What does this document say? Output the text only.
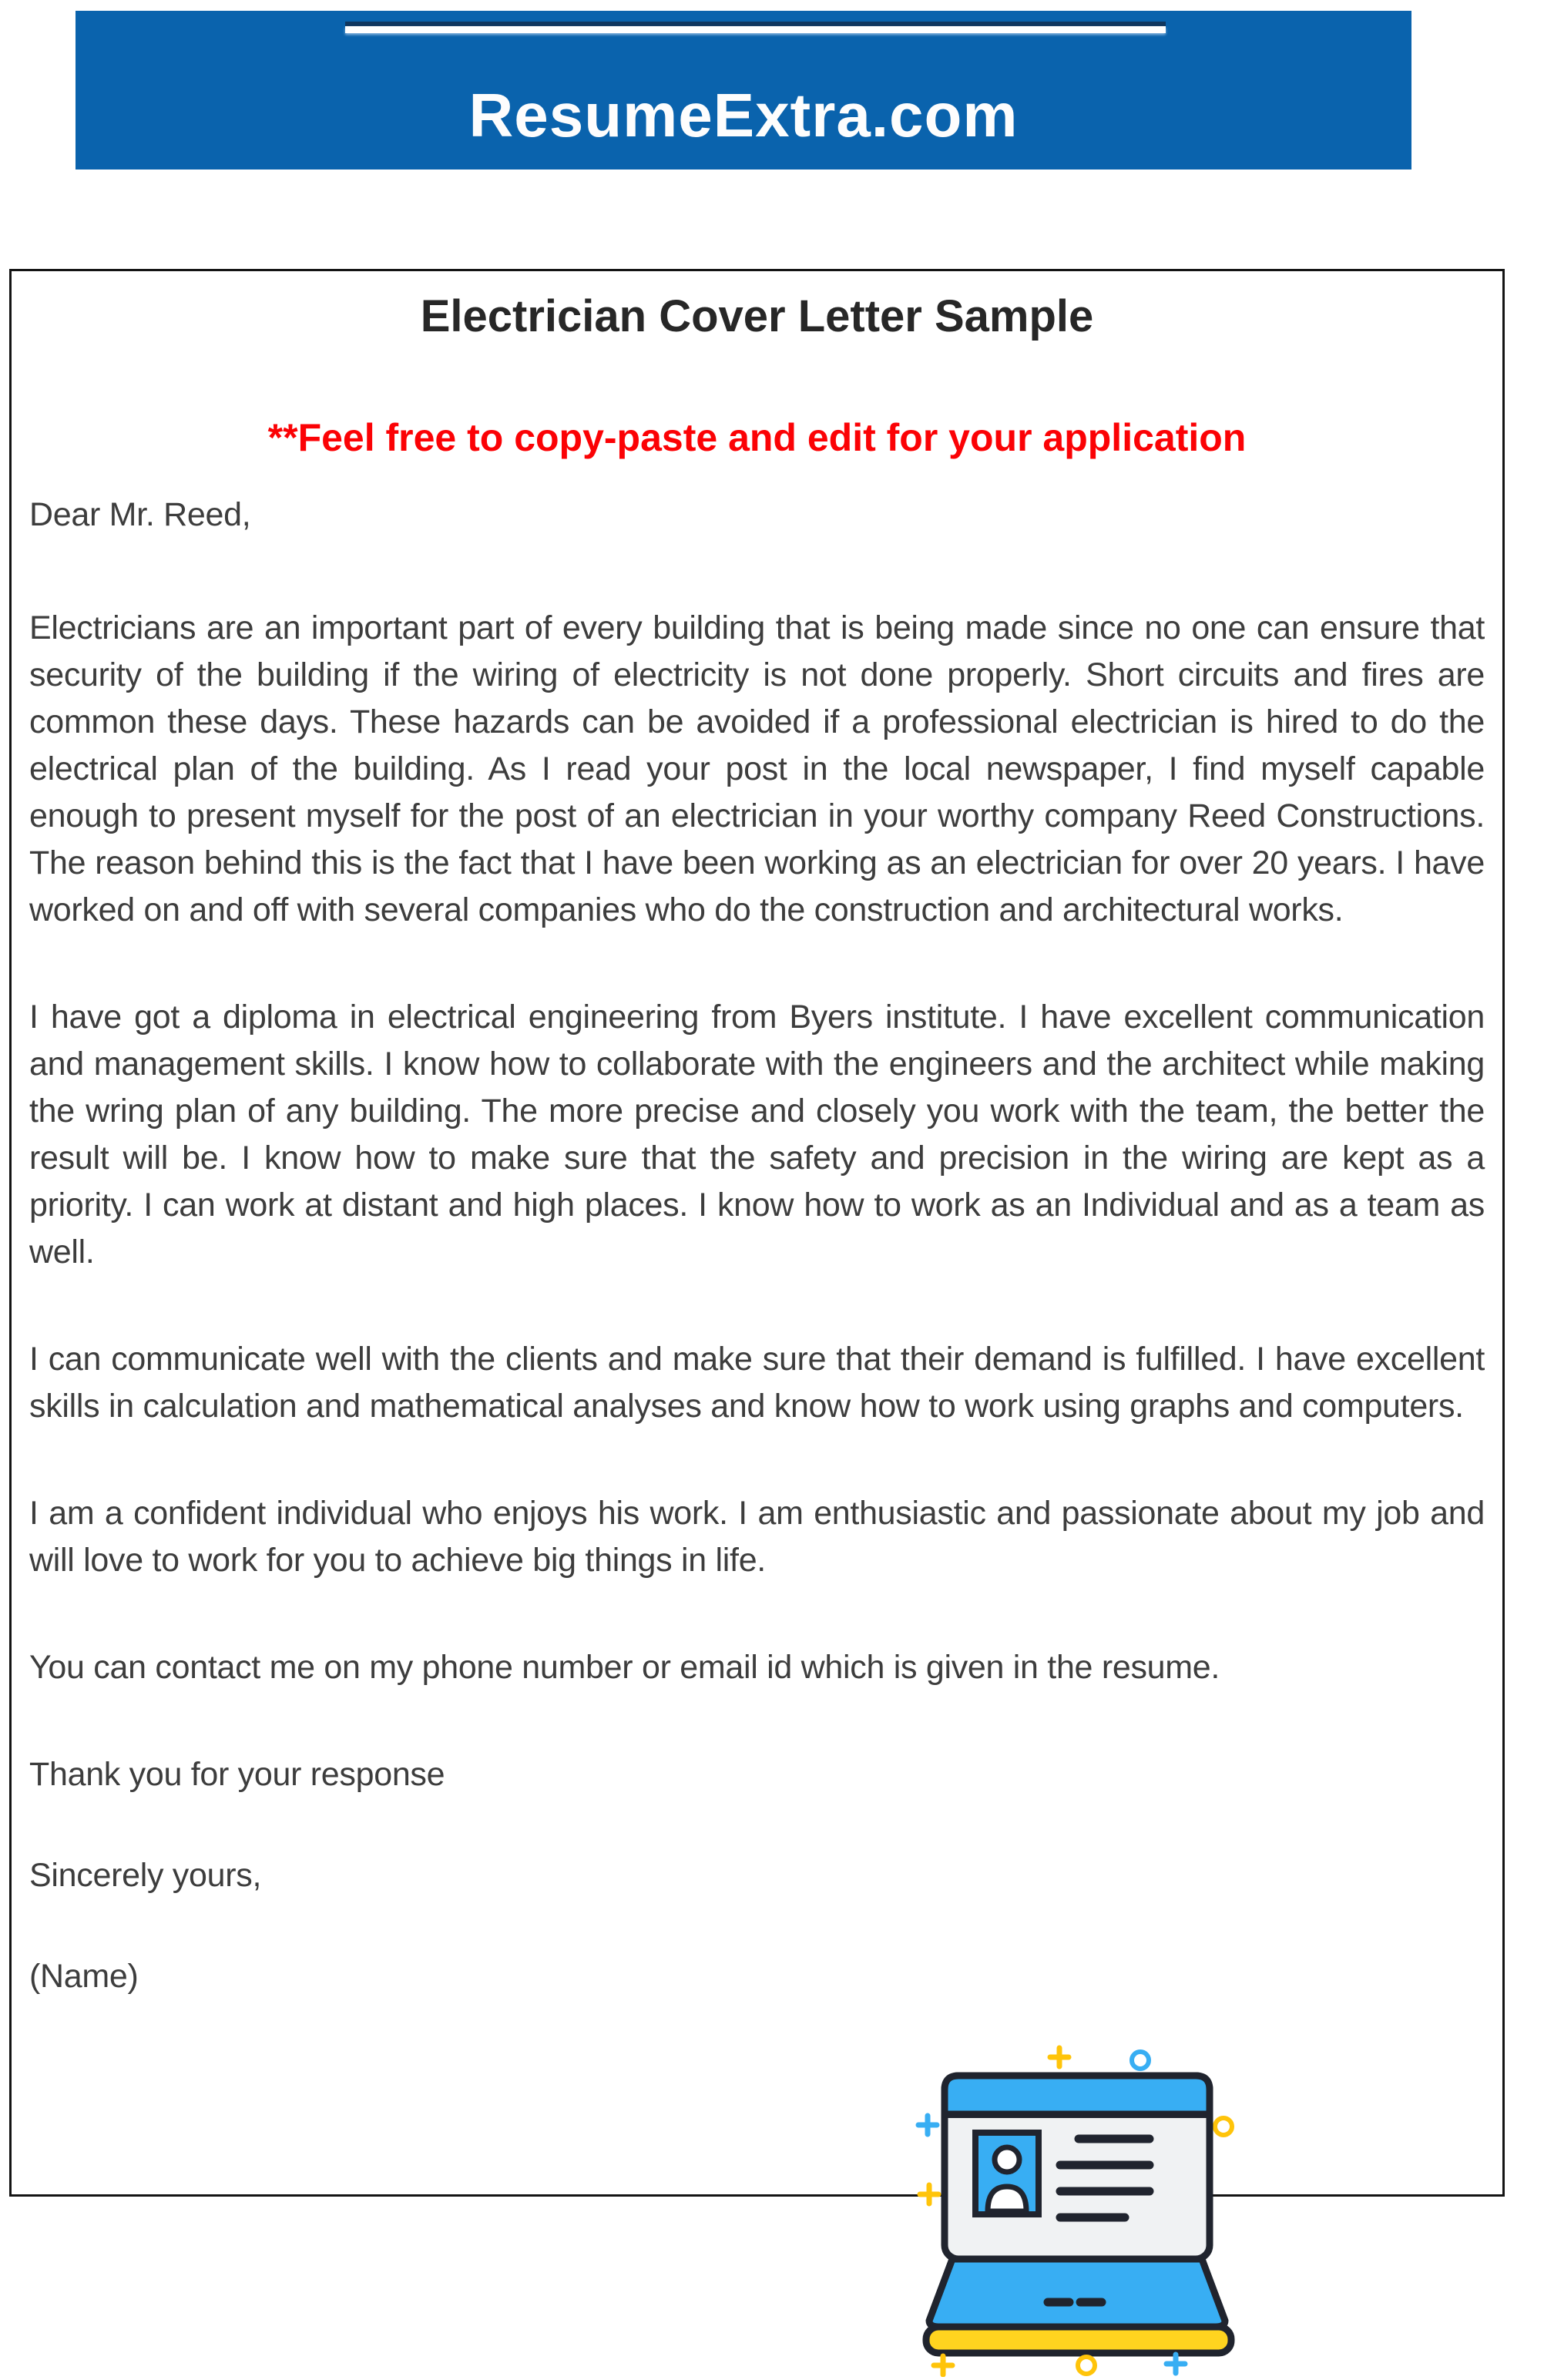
ResumeExtra.com
Electrician Cover Letter Sample

**Feel free to copy-paste and edit for your application

Dear Mr. Reed,

Electricians are an important part of every building that is being made since no one can ensure that security of the building if the wiring of electricity is not done properly. Short circuits and fires are common these days. These hazards can be avoided if a professional electrician is hired to do the electrical plan of the building. As I read your post in the local newspaper, I find myself capable enough to present myself for the post of an electrician in your worthy company Reed Constructions. The reason behind this is the fact that I have been working as an electrician for over 20 years. I have worked on and off with several companies who do the construction and architectural works.

I have got a diploma in electrical engineering from Byers institute. I have excellent communication and management skills. I know how to collaborate with the engineers and the architect while making the wring plan of any building. The more precise and closely you work with the team, the better the result will be. I know how to make sure that the safety and precision in the wiring are kept as a priority. I can work at distant and high places. I know how to work as an Individual and as a team as well.

I can communicate well with the clients and make sure that their demand is fulfilled. I have excellent skills in calculation and mathematical analyses and know how to work using graphs and computers.

I am a confident individual who enjoys his work. I am enthusiastic and passionate about my job and will love to work for you to achieve big things in life.

You can contact me on my phone number or email id which is given in the resume.

Thank you for your response

Sincerely yours,

(Name)
